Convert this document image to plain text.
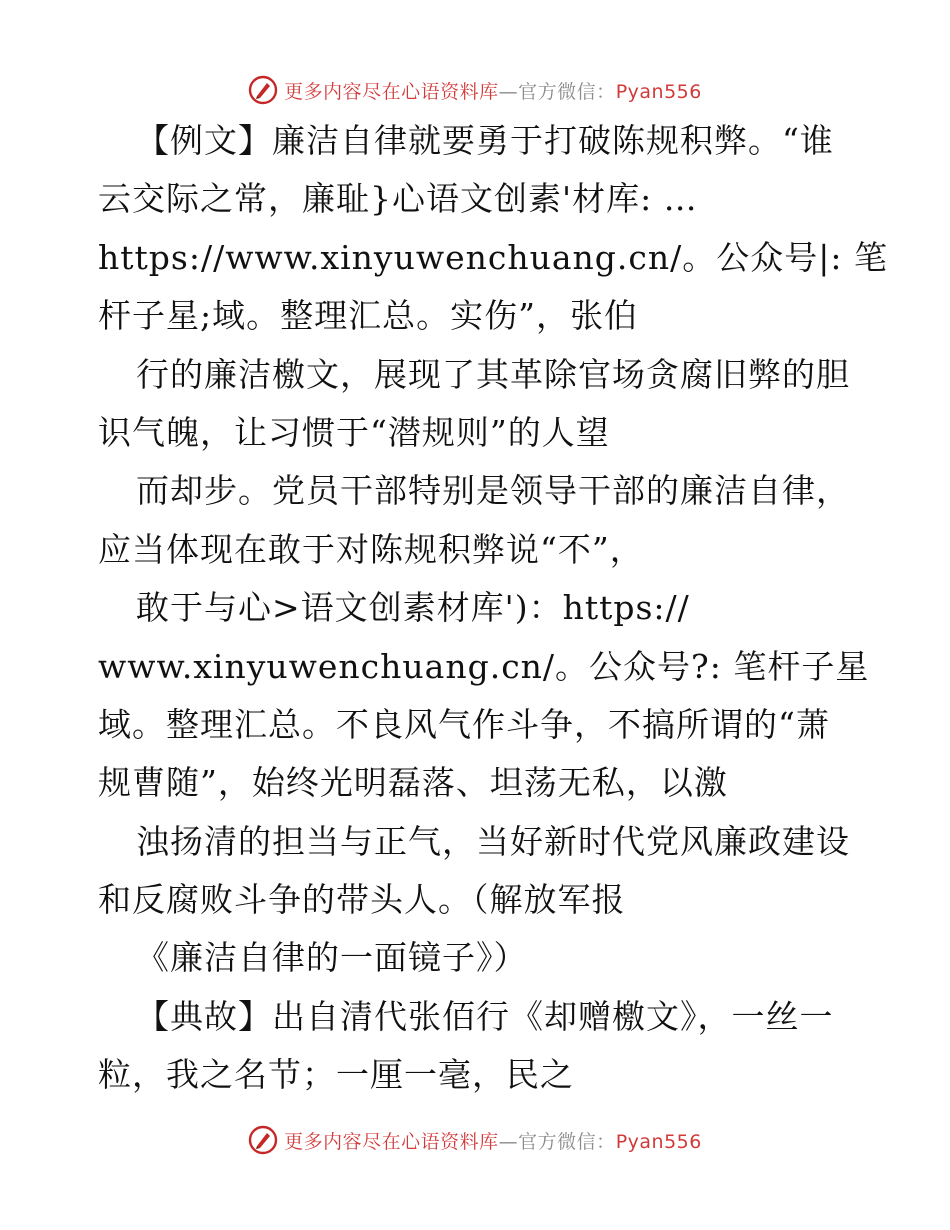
更多内容尽在心语资料库—官方微信：Pyan556
【例文】廉洁自律就要勇于打破陈规积弊。“谁
云交际之常，廉耻}心语文创素'材库: …
https://www.xinyuwenchuang.cn/。公众号|: 笔
杆子星;域。整理汇总。实伤”，张伯
行的廉洁檄文，展现了其革除官场贪腐旧弊的胆
识气魄，让习惯于“潜规则”的人望
而却步。党员干部特别是领导干部的廉洁自律，
应当体现在敢于对陈规积弊说“不”，
敢于与心>语文创素材库')：https://
www.xinyuwenchuang.cn/。公众号?: 笔杆子星
域。整理汇总。不良风气作斗争，不搞所谓的“萧
规曹随”，始终光明磊落、坦荡无私，以激
浊扬清的担当与正气，当好新时代党风廉政建设
和反腐败斗争的带头人。（解放军报
《廉洁自律的一面镜子》）
【典故】出自清代张佰行《却赠檄文》，一丝一
粒，我之名节；一厘一毫，民之
更多内容尽在心语资料库—官方微信：Pyan556
